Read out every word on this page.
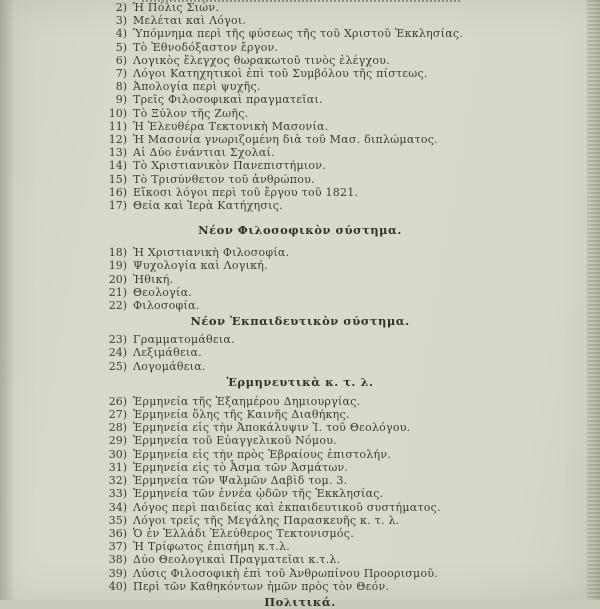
2) Ἡ Πόλις Σιών.
3) Μελέται καὶ Λόγοι.
4) Ὑπόμνημα περὶ τῆς φύσεως τῆς τοῦ Χριστοῦ Ἐκκλησίας.
5) Τὸ Ἐθνοδόξαστον ἔργον.
6) Λογικὸς ἔλεγχος θωρακωτοῦ τινὸς ἐλέγχου.
7) Λόγοι Κατηχητικοὶ ἐπὶ τοῦ Συμβόλου τῆς πίστεως.
8) Ἀπολογία περὶ ψυχῆς.
9) Τρεῖς Φιλοσοφικαὶ πραγματεῖαι.
10) Τὸ Ξύλον τῆς Ζωῆς.
11) Ἡ Ἐλευθέρα Τεκτονικὴ Μασονία.
12) Ἡ Μασονία γνωριζομένη διὰ τοῦ Μασ. διπλώματος.
13) Αἱ Δύο ἐνάντιαι Σχολαί.
14) Τὸ Χριστιανικὸν Πανεπιστήμιον.
15) Τὸ Τρισύνθετον τοῦ ἀνθρώπου.
16) Εἴκοσι λόγοι περὶ τοῦ ἔργου τοῦ 1821.
17) Θεία καὶ Ἱερὰ Κατήχησις.
Νέον Φιλοσοφικὸν σύστημα.
18) Ἡ Χριστιανικὴ Φιλοσοφία.
19) Ψυχολογία καὶ Λογική.
20) Ἠθική.
21) Θεολογία.
22) Φιλοσοφία.
Νέον Ἐκπαιδευτικὸν σύστημα.
23) Γραμματομάθεια.
24) Λεξιμάθεια.
25) Λογομάθεια.
Ἑρμηνευτικὰ κ. τ. λ.
26) Ἑρμηνεία τῆς Ἑξαημέρου Δημιουργίας.
27) Ἑρμηνεία ὅλης τῆς Καινῆς Διαθήκης.
28) Ἑρμηνεία εἰς τὴν Ἀποκάλυψιν Ἰ. τοῦ Θεολόγου.
29) Ἑρμηνεία τοῦ Εὐαγγελικοῦ Νόμου.
30) Ἑρμηνεία εἰς τὴν πρὸς Ἑβραίους ἐπιστολήν.
31) Ἑρμηνεία εἰς τὸ Ἆσμα τῶν Ἀσμάτων.
32) Ἑρμηνεία τῶν Ψαλμῶν Δαβὶδ τομ. 3.
33) Ἑρμηνεία τῶν ἐννέα ᾠδῶν τῆς Ἐκκλησίας.
34) Λόγος περὶ παιδείας καὶ ἐκπαιδευτικοῦ συστήματος.
35) Λόγοι τρεῖς τῆς Μεγάλης Παρασκευῆς κ. τ. λ.
36) Ὁ ἐν Ἑλλάδι Ἐλεύθερος Τεκτονισμός.
37) Ἡ Τρίφωτος ἐπισήμη κ.τ.λ.
38) Δύο Θεολογικαὶ Πραγματεῖαι κ.τ.λ.
39) Λύσις Φιλοσοφικὴ ἐπὶ τοῦ Ἀνθρωπίνου Προορισμοῦ.
40) Περὶ τῶν Καθηκόντων ἡμῶν πρὸς τὸν Θεόν.
Πολιτικά.
